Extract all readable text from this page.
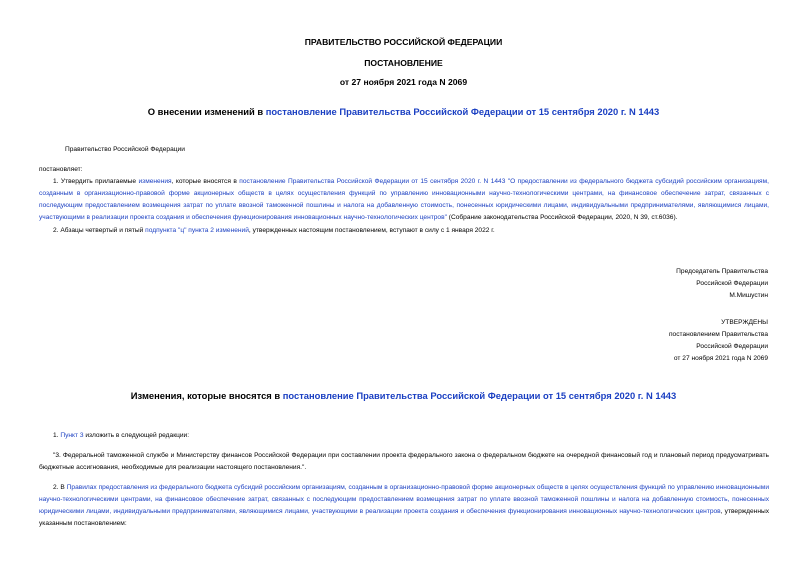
ПРАВИТЕЛЬСТВО РОССИЙСКОЙ ФЕДЕРАЦИИ
ПОСТАНОВЛЕНИЕ
от 27 ноября 2021 года N 2069
О внесении изменений в постановление Правительства Российской Федерации от 15 сентября 2020 г. N 1443
Правительство Российской Федерации
постановляет:
1. Утвердить прилагаемые изменения, которые вносятся в постановление Правительства Российской Федерации от 15 сентября 2020 г. N 1443 "О предоставлении из федерального бюджета субсидий российским организациям, созданным в организационно-правовой форме акционерных обществ в целях осуществления функций по управлению инновационными научно-технологическими центрами, на финансовое обеспечение затрат, связанных с последующим предоставлением возмещения затрат по уплате ввозной таможенной пошлины и налога на добавленную стоимость, понесенных юридическими лицами, индивидуальными предпринимателями, являющимися лицами, участвующими в реализации проекта создания и обеспечения функционирования инновационных научно-технологических центров" (Собрание законодательства Российской Федерации, 2020, N 39, ст.6036).
2. Абзацы четвертый и пятый подпункта "ц" пункта 2 изменений, утвержденных настоящим постановлением, вступают в силу с 1 января 2022 г.

Председатель Правительства

Российской Федерации

М.Мишустин

УТВЕРЖДЕНЫ

постановлением Правительства

Российской Федерации

от 27 ноября 2021 года N 2069

Изменения, которые вносятся в постановление Правительства Российской Федерации от 15 сентября 2020 г. N 1443
1. Пункт 3 изложить в следующей редакции:
"3. Федеральной таможенной службе и Министерству финансов Российской Федерации при составлении проекта федерального закона о федеральном бюджете на очередной финансовый год и плановый период предусматривать бюджетные ассигнования, необходимые для реализации настоящего постановления.".
2. В Правилах предоставления из федерального бюджета субсидий российским организациям, созданным в организационно-правовой форме акционерных обществ в целях осуществления функций по управлению инновационными научно-технологическими центрами, на финансовое обеспечение затрат, связанных с последующим предоставлением возмещения затрат по уплате ввозной таможенной пошлины и налога на добавленную стоимость, понесенных юридическими лицами, индивидуальными предпринимателями, являющимися лицами, участвующими в реализации проекта создания и обеспечения функционирования инновационных научно-технологических центров, утвержденных указанным постановлением:
